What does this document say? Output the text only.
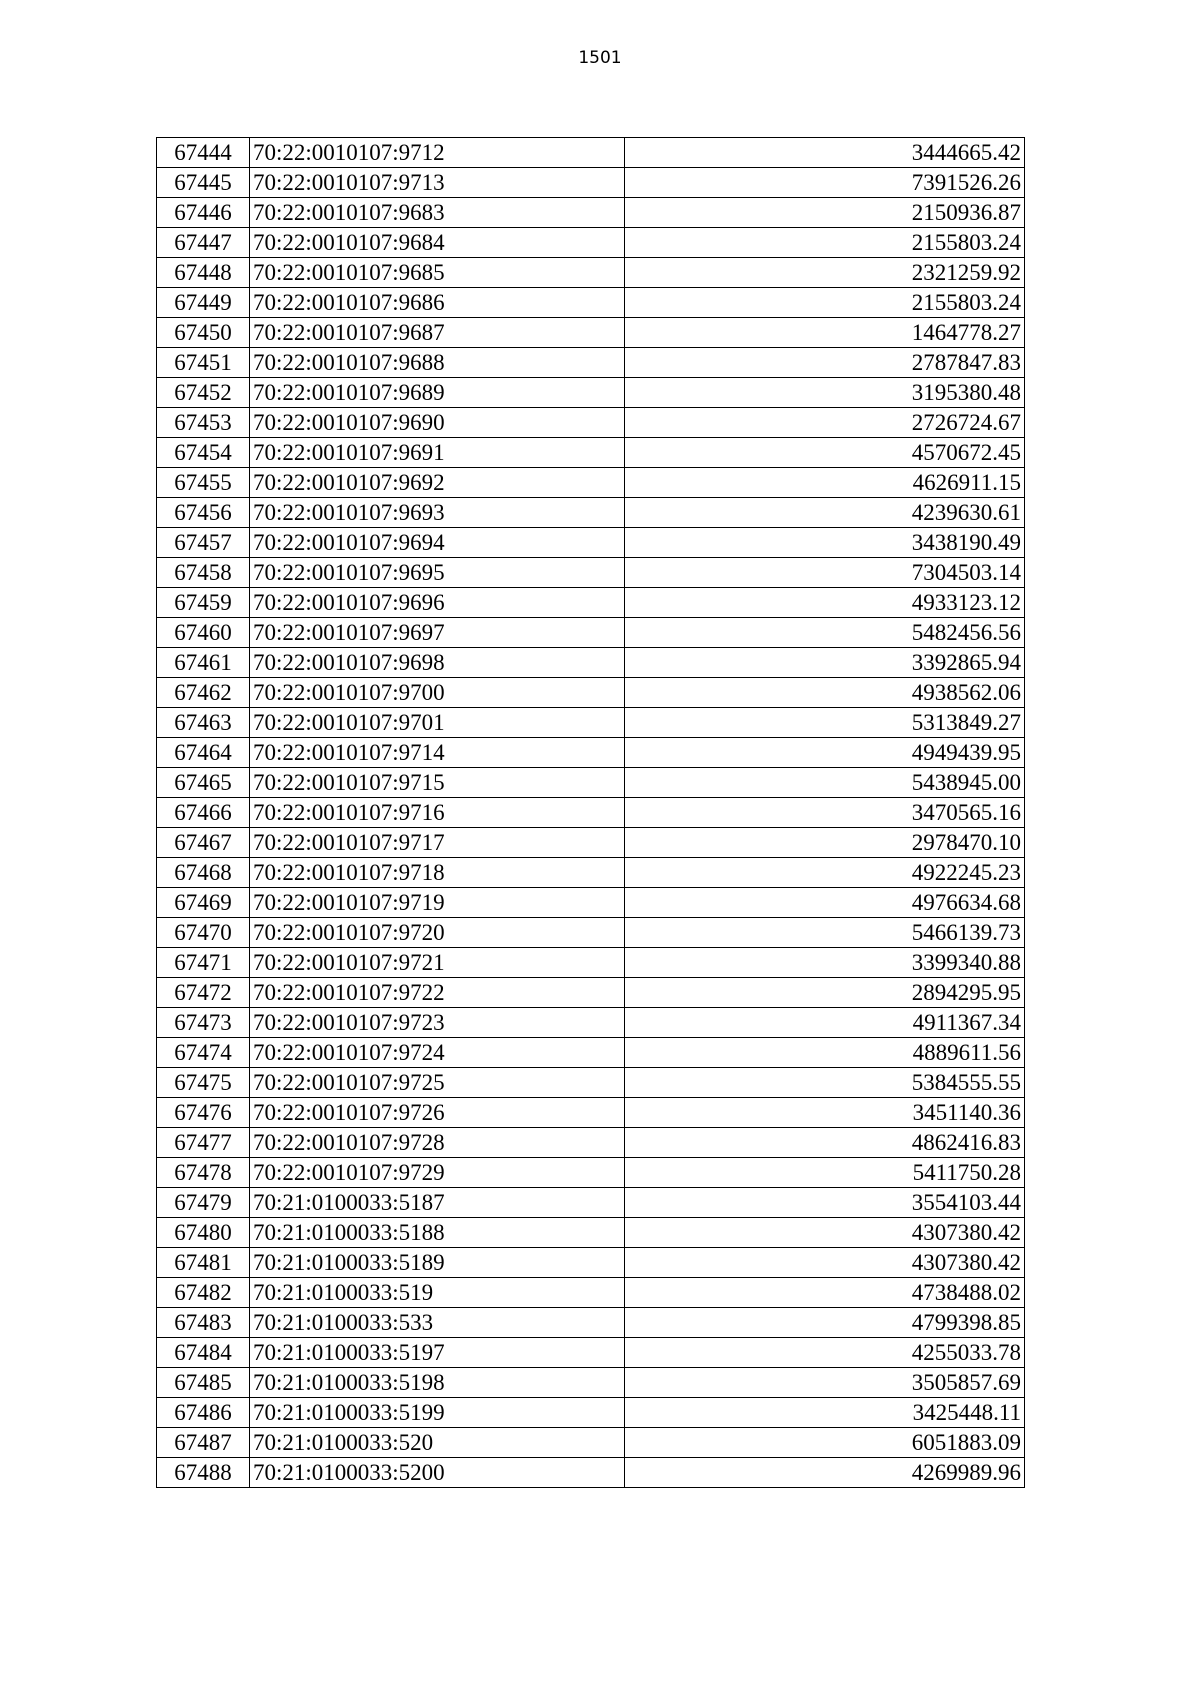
1501
67444	70:22:0010107:9712	3444665.42
67445	70:22:0010107:9713	7391526.26
67446	70:22:0010107:9683	2150936.87
67447	70:22:0010107:9684	2155803.24
67448	70:22:0010107:9685	2321259.92
67449	70:22:0010107:9686	2155803.24
67450	70:22:0010107:9687	1464778.27
67451	70:22:0010107:9688	2787847.83
67452	70:22:0010107:9689	3195380.48
67453	70:22:0010107:9690	2726724.67
67454	70:22:0010107:9691	4570672.45
67455	70:22:0010107:9692	4626911.15
67456	70:22:0010107:9693	4239630.61
67457	70:22:0010107:9694	3438190.49
67458	70:22:0010107:9695	7304503.14
67459	70:22:0010107:9696	4933123.12
67460	70:22:0010107:9697	5482456.56
67461	70:22:0010107:9698	3392865.94
67462	70:22:0010107:9700	4938562.06
67463	70:22:0010107:9701	5313849.27
67464	70:22:0010107:9714	4949439.95
67465	70:22:0010107:9715	5438945.00
67466	70:22:0010107:9716	3470565.16
67467	70:22:0010107:9717	2978470.10
67468	70:22:0010107:9718	4922245.23
67469	70:22:0010107:9719	4976634.68
67470	70:22:0010107:9720	5466139.73
67471	70:22:0010107:9721	3399340.88
67472	70:22:0010107:9722	2894295.95
67473	70:22:0010107:9723	4911367.34
67474	70:22:0010107:9724	4889611.56
67475	70:22:0010107:9725	5384555.55
67476	70:22:0010107:9726	3451140.36
67477	70:22:0010107:9728	4862416.83
67478	70:22:0010107:9729	5411750.28
67479	70:21:0100033:5187	3554103.44
67480	70:21:0100033:5188	4307380.42
67481	70:21:0100033:5189	4307380.42
67482	70:21:0100033:519	4738488.02
67483	70:21:0100033:533	4799398.85
67484	70:21:0100033:5197	4255033.78
67485	70:21:0100033:5198	3505857.69
67486	70:21:0100033:5199	3425448.11
67487	70:21:0100033:520	6051883.09
67488	70:21:0100033:5200	4269989.96
